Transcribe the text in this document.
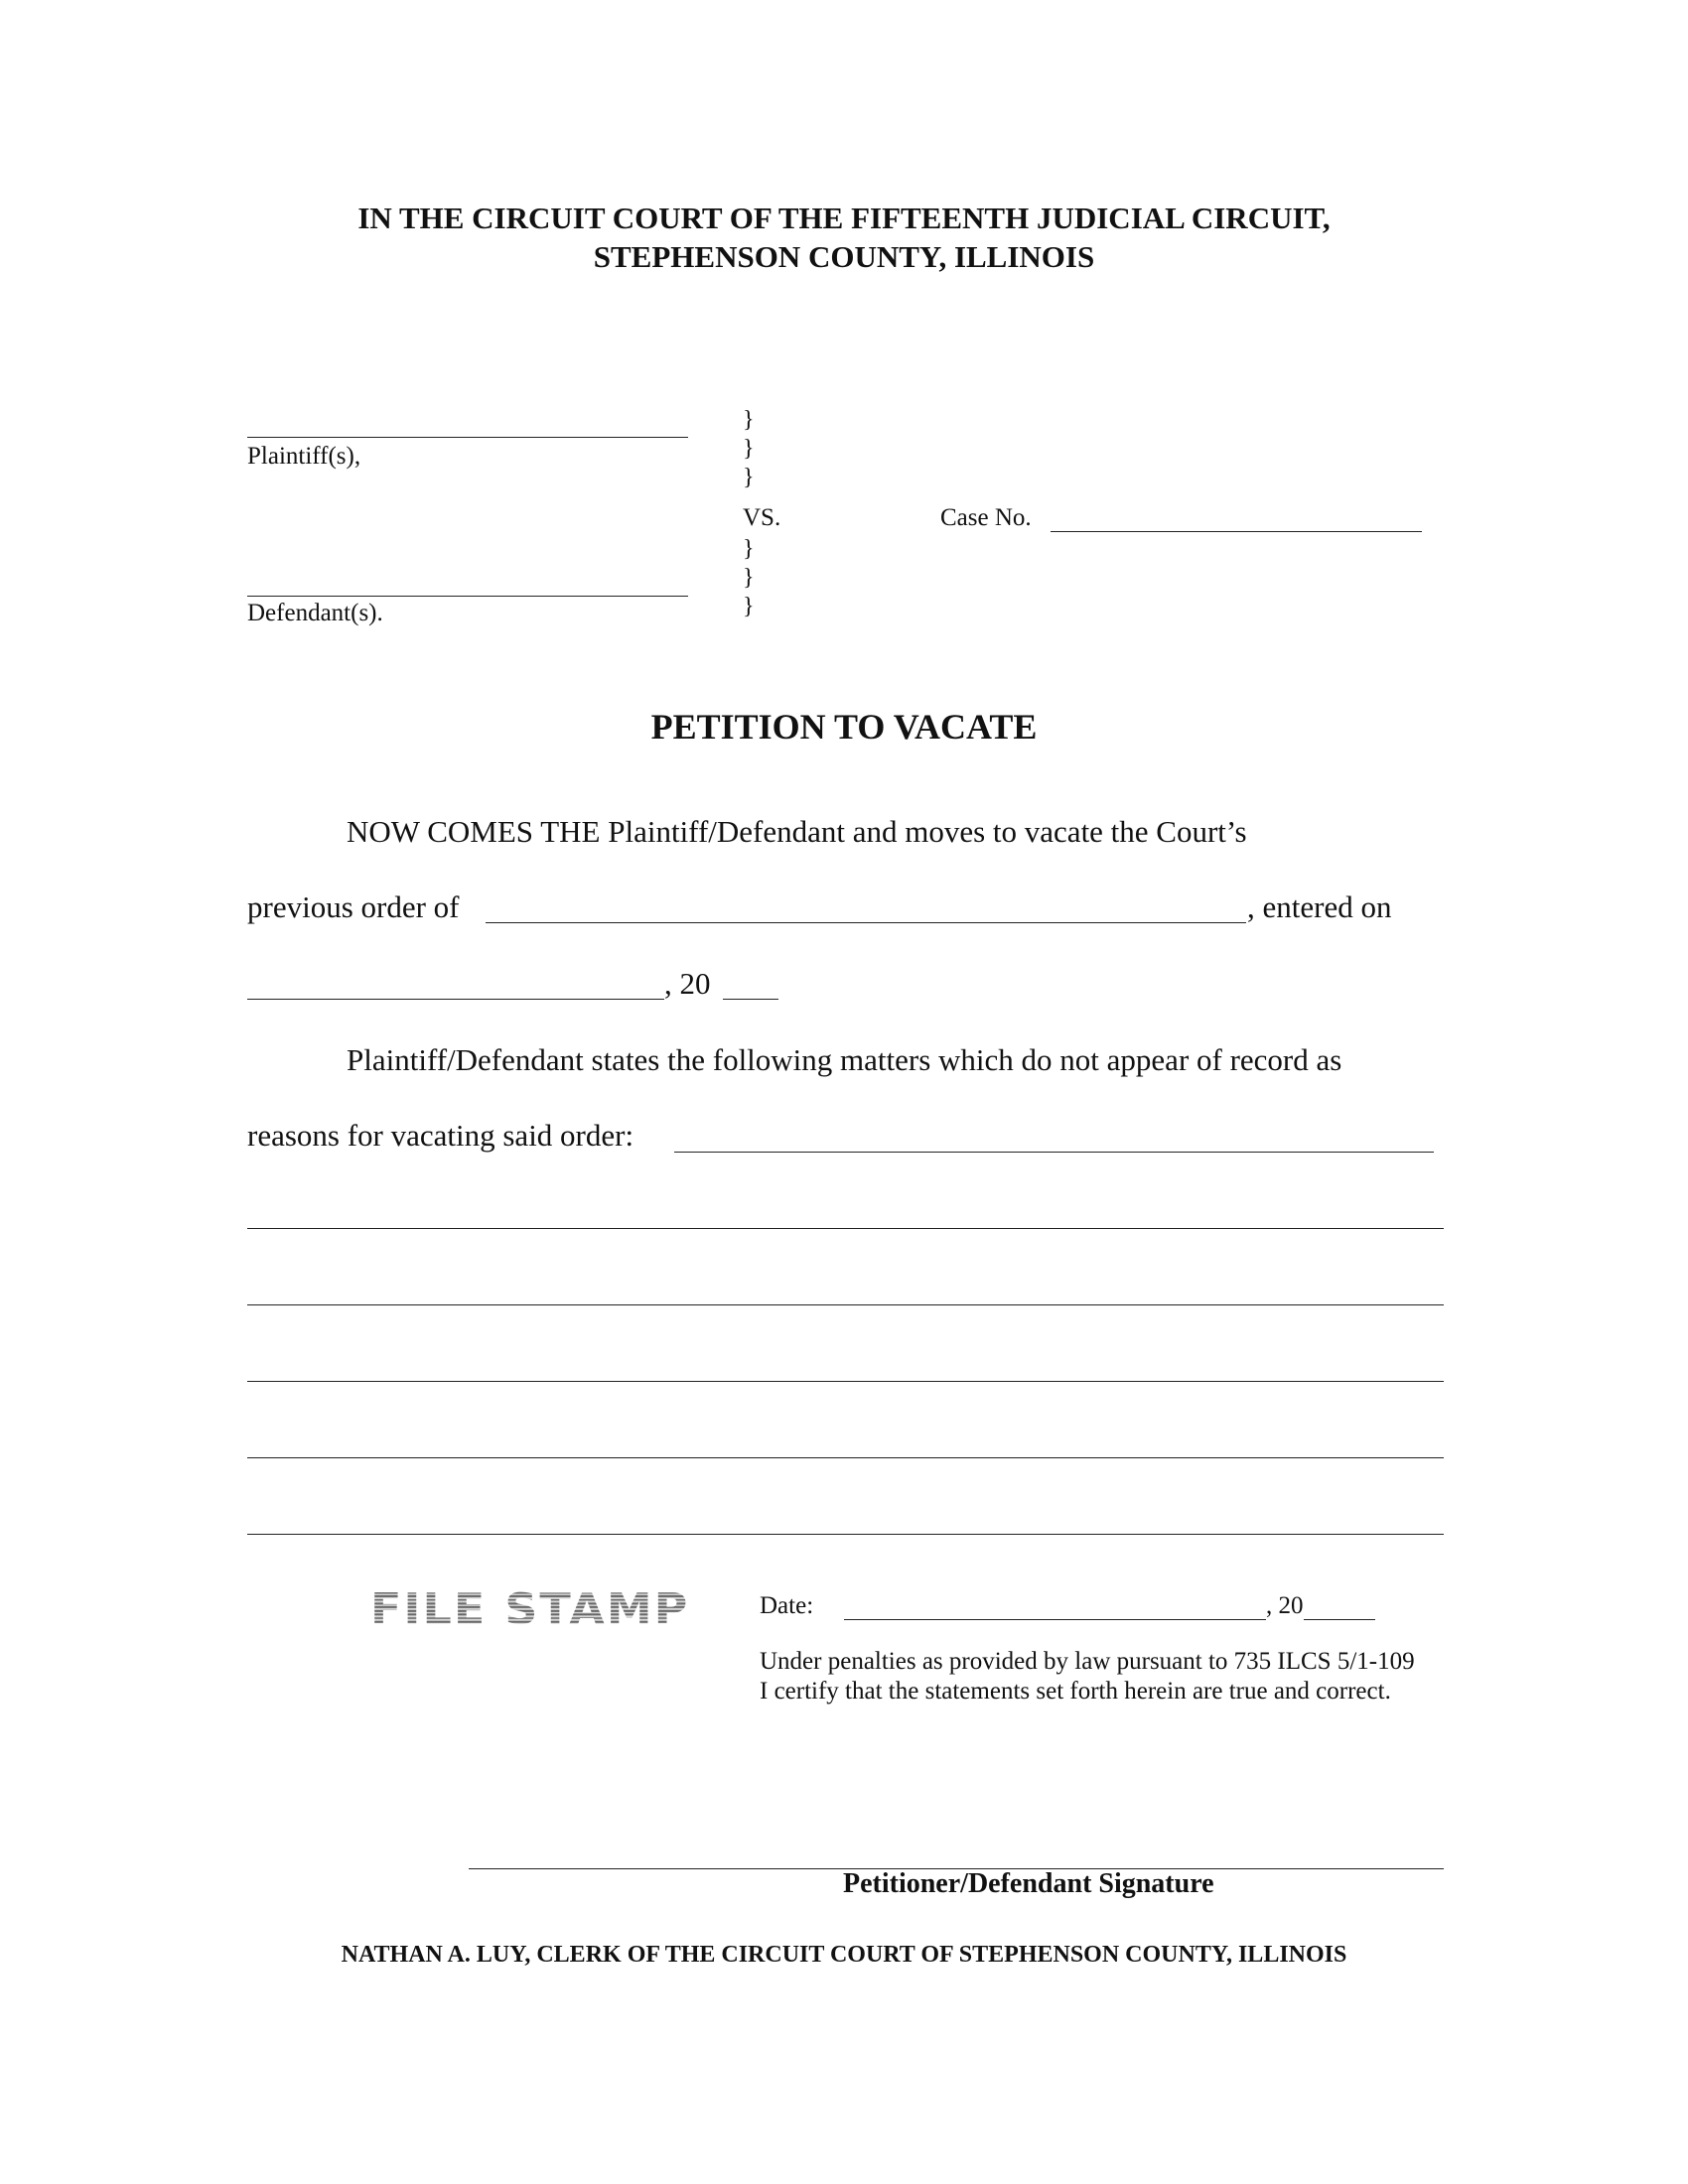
IN THE CIRCUIT COURT OF THE FIFTEENTH JUDICIAL CIRCUIT,
STEPHENSON COUNTY, ILLINOIS
Plaintiff(s),
}
}
}
VS.
}
}
}
Case No.
Defendant(s).
PETITION TO VACATE
NOW COMES THE Plaintiff/Defendant and moves to vacate the Court’s
previous order of	, entered on
, 20
Plaintiff/Defendant states the following matters which do not appear of record as
reasons for vacating said order:
FILE STAMP	Date:	, 20
Under penalties as provided by law pursuant to 735 ILCS 5/1-109
I certify that the statements set forth herein are true and correct.
Petitioner/Defendant Signature
NATHAN A. LUY, CLERK OF THE CIRCUIT COURT OF STEPHENSON COUNTY, ILLINOIS
